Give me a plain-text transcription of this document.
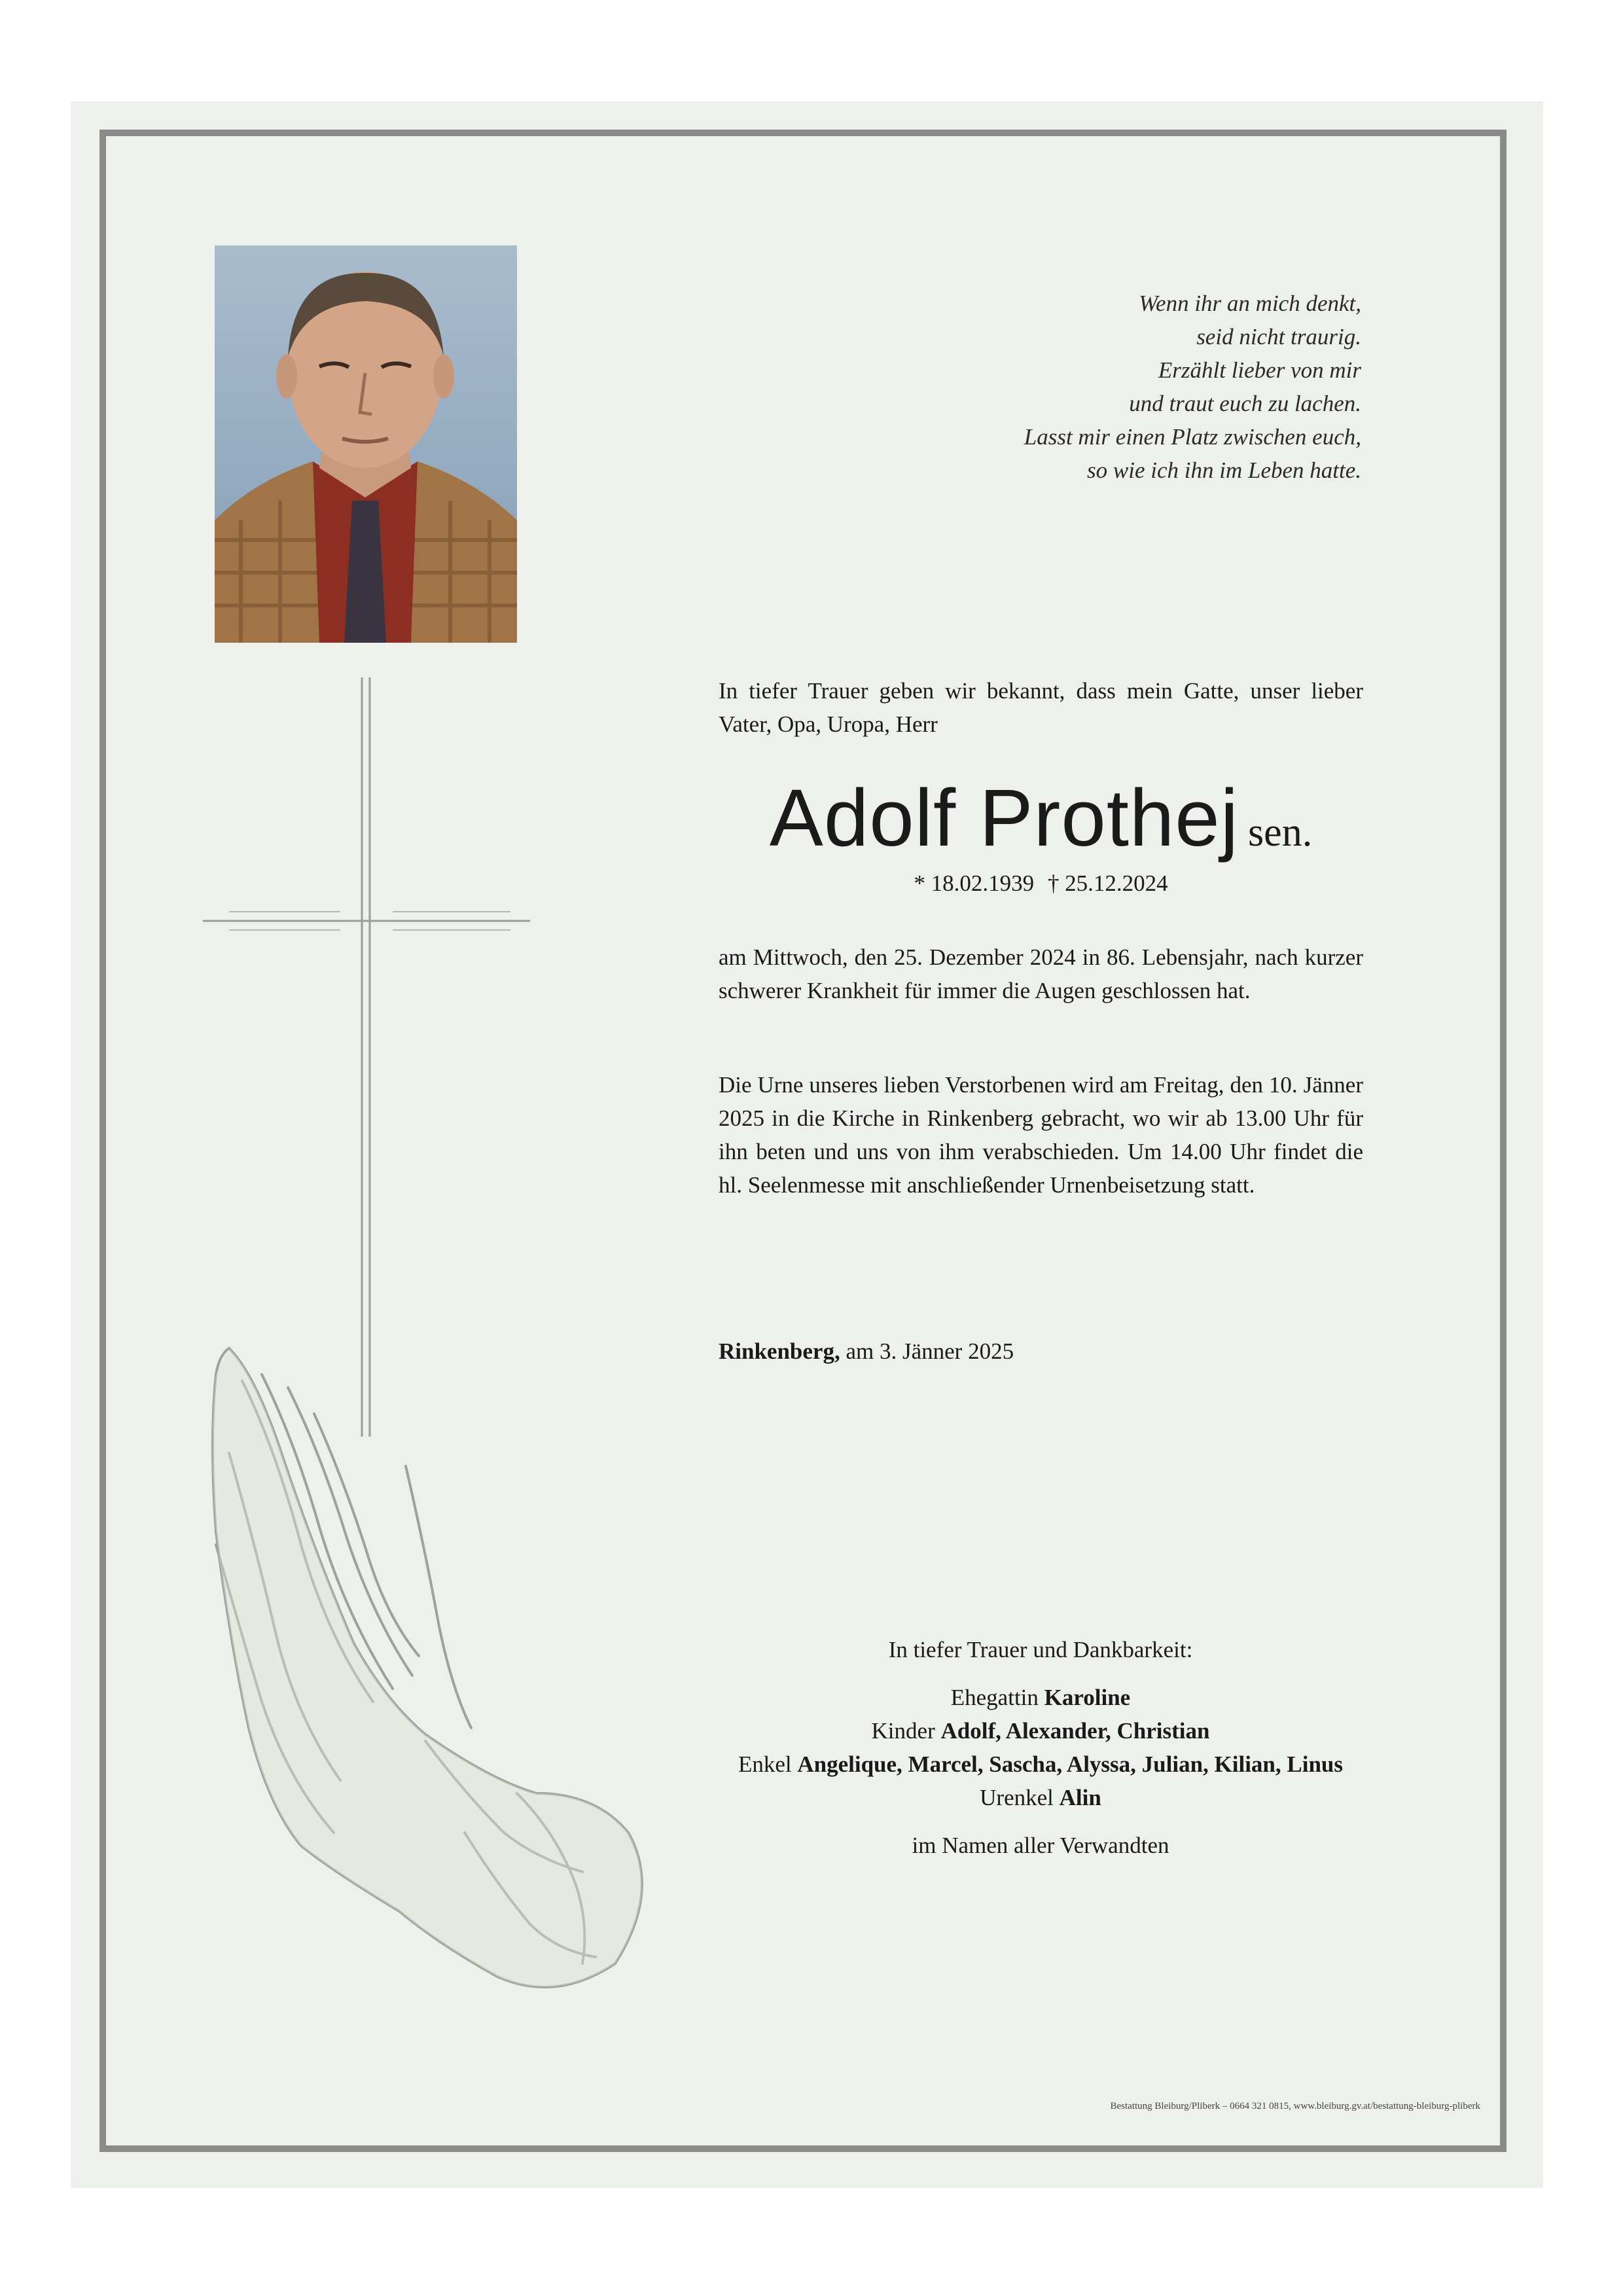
Wenn ihr an mich denkt,
seid nicht traurig.
Erzählt lieber von mir
und traut euch zu lachen.
Lasst mir einen Platz zwischen euch,
so wie ich ihn im Leben hatte.
In tiefer Trauer geben wir bekannt, dass mein Gatte, unser lieber Vater, Opa, Uropa, Herr
Adolf Prothej sen.
* 18.02.1939 † 25.12.2024
am Mittwoch, den 25. Dezember 2024 in 86. Lebensjahr, nach kurzer schwerer Krankheit für immer die Augen geschlossen hat.
Die Urne unseres lieben Verstorbenen wird am Freitag, den 10. Jänner 2025 in die Kirche in Rinkenberg gebracht, wo wir ab 13.00 Uhr für ihn beten und uns von ihm verabschieden. Um 14.00 Uhr findet die hl. Seelenmesse mit anschließender Urnenbeisetzung statt.
Rinkenberg, am 3. Jänner 2025
In tiefer Trauer und Dankbarkeit:
Ehegattin Karoline
Kinder Adolf, Alexander, Christian
Enkel Angelique, Marcel, Sascha, Alyssa, Julian, Kilian, Linus
Urenkel Alin
im Namen aller Verwandten
Bestattung Bleiburg/Pliberk – 0664 321 0815, www.bleiburg.gv.at/bestattung-bleiburg-pliberk
